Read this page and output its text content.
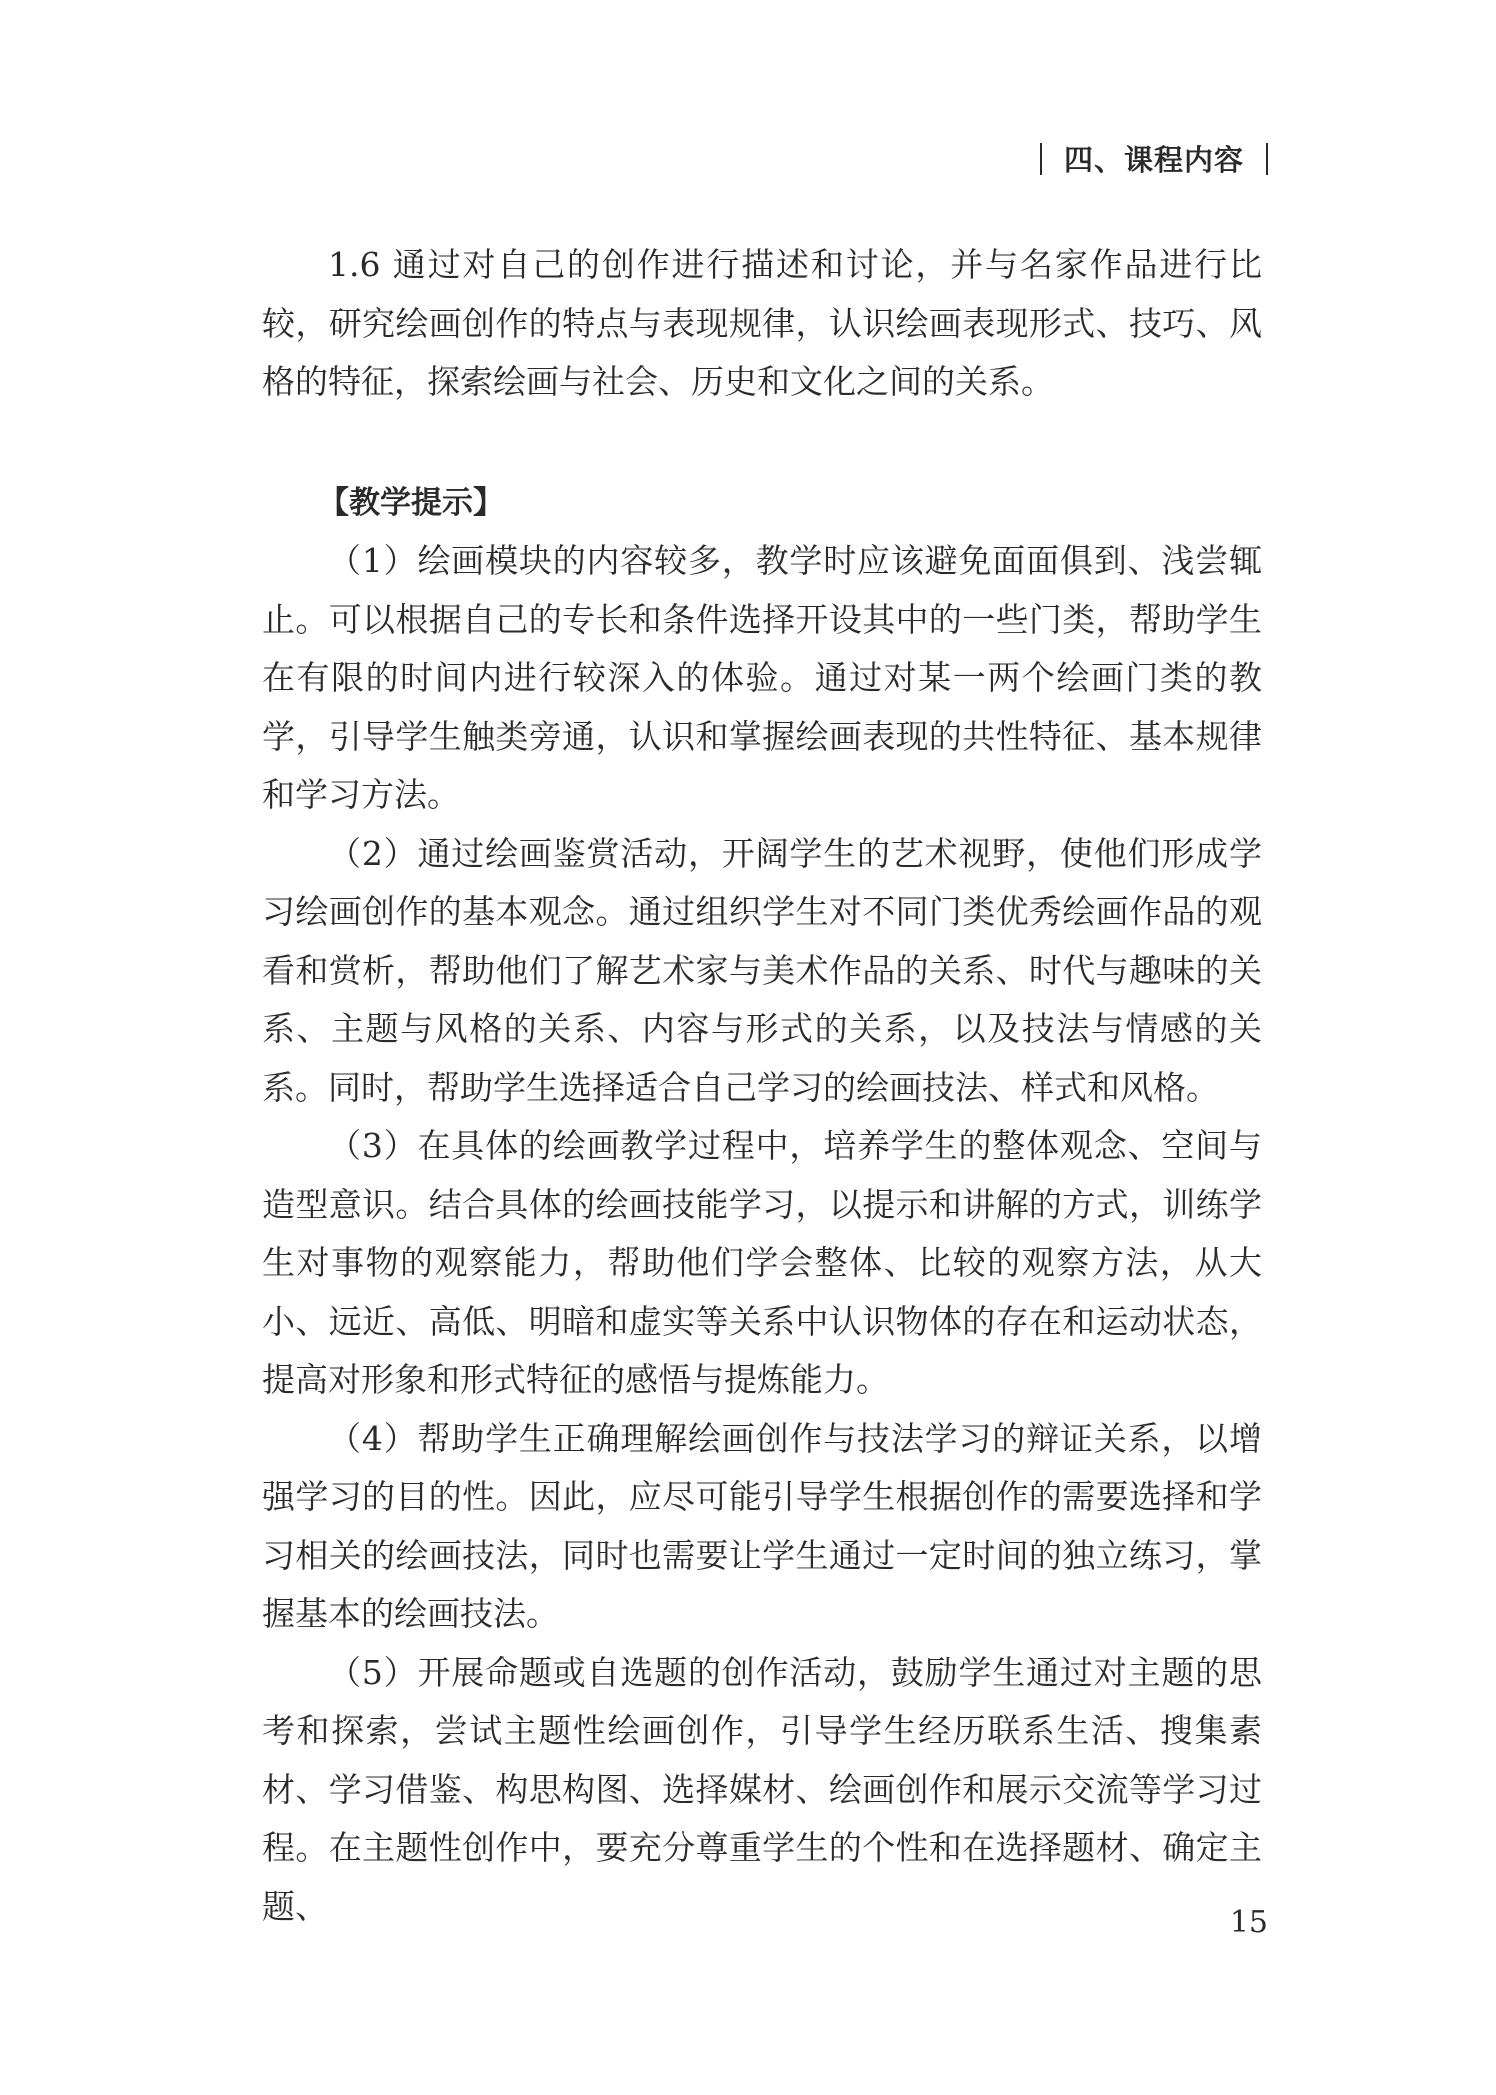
四、课程内容

1.6 通过对自己的创作进行描述和讨论，并与名家作品进行比较，研究绘画创作的特点与表现规律，认识绘画表现形式、技巧、风格的特征，探索绘画与社会、历史和文化之间的关系。

【教学提示】

（1）绘画模块的内容较多，教学时应该避免面面俱到、浅尝辄止。可以根据自己的专长和条件选择开设其中的一些门类，帮助学生在有限的时间内进行较深入的体验。通过对某一两个绘画门类的教学，引导学生触类旁通，认识和掌握绘画表现的共性特征、基本规律和学习方法。

（2）通过绘画鉴赏活动，开阔学生的艺术视野，使他们形成学习绘画创作的基本观念。通过组织学生对不同门类优秀绘画作品的观看和赏析，帮助他们了解艺术家与美术作品的关系、时代与趣味的关系、主题与风格的关系、内容与形式的关系，以及技法与情感的关系。同时，帮助学生选择适合自己学习的绘画技法、样式和风格。

（3）在具体的绘画教学过程中，培养学生的整体观念、空间与造型意识。结合具体的绘画技能学习，以提示和讲解的方式，训练学生对事物的观察能力，帮助他们学会整体、比较的观察方法，从大小、远近、高低、明暗和虚实等关系中认识物体的存在和运动状态，提高对形象和形式特征的感悟与提炼能力。

（4）帮助学生正确理解绘画创作与技法学习的辩证关系，以增强学习的目的性。因此，应尽可能引导学生根据创作的需要选择和学习相关的绘画技法，同时也需要让学生通过一定时间的独立练习，掌握基本的绘画技法。

（5）开展命题或自选题的创作活动，鼓励学生通过对主题的思考和探索，尝试主题性绘画创作，引导学生经历联系生活、搜集素材、学习借鉴、构思构图、选择媒材、绘画创作和展示交流等学习过程。在主题性创作中，要充分尊重学生的个性和在选择题材、确定主题、	15
